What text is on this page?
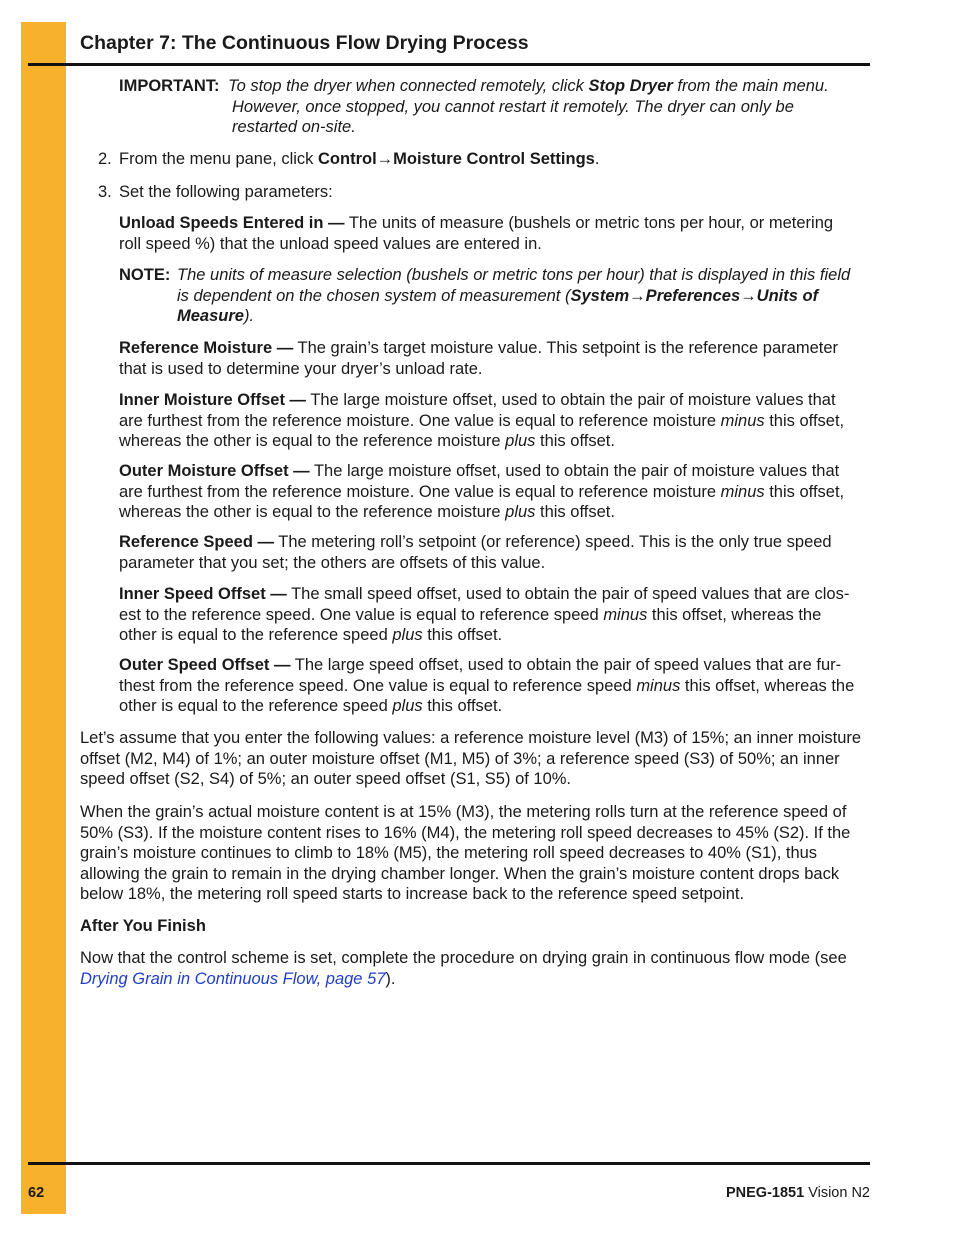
Chapter 7: The Continuous Flow Drying Process
IMPORTANT: To stop the dryer when connected remotely, click Stop Dryer from the main menu.
However, once stopped, you cannot restart it remotely. The dryer can only be
restarted on-site.
2. From the menu pane, click Control→Moisture Control Settings.
3. Set the following parameters:
Unload Speeds Entered in — The units of measure (bushels or metric tons per hour, or metering
roll speed %) that the unload speed values are entered in.
NOTE: The units of measure selection (bushels or metric tons per hour) that is displayed in this field
is dependent on the chosen system of measurement (System→Preferences→Units of
Measure).
Reference Moisture — The grain’s target moisture value. This setpoint is the reference parameter
that is used to determine your dryer’s unload rate.
Inner Moisture Offset — The large moisture offset, used to obtain the pair of moisture values that
are furthest from the reference moisture. One value is equal to reference moisture minus this offset,
whereas the other is equal to the reference moisture plus this offset.
Outer Moisture Offset — The large moisture offset, used to obtain the pair of moisture values that
are furthest from the reference moisture. One value is equal to reference moisture minus this offset,
whereas the other is equal to the reference moisture plus this offset.
Reference Speed — The metering roll’s setpoint (or reference) speed. This is the only true speed
parameter that you set; the others are offsets of this value.
Inner Speed Offset — The small speed offset, used to obtain the pair of speed values that are clos-
est to the reference speed. One value is equal to reference speed minus this offset, whereas the
other is equal to the reference speed plus this offset.
Outer Speed Offset — The large speed offset, used to obtain the pair of speed values that are fur-
thest from the reference speed. One value is equal to reference speed minus this offset, whereas the
other is equal to the reference speed plus this offset.
Let’s assume that you enter the following values: a reference moisture level (M3) of 15%; an inner moisture
offset (M2, M4) of 1%; an outer moisture offset (M1, M5) of 3%; a reference speed (S3) of 50%; an inner
speed offset (S2, S4) of 5%; an outer speed offset (S1, S5) of 10%.
When the grain’s actual moisture content is at 15% (M3), the metering rolls turn at the reference speed of
50% (S3). If the moisture content rises to 16% (M4), the metering roll speed decreases to 45% (S2). If the
grain’s moisture continues to climb to 18% (M5), the metering roll speed decreases to 40% (S1), thus
allowing the grain to remain in the drying chamber longer. When the grain’s moisture content drops back
below 18%, the metering roll speed starts to increase back to the reference speed setpoint.
After You Finish
Now that the control scheme is set, complete the procedure on drying grain in continuous flow mode (see
Drying Grain in Continuous Flow, page 57).
62	PNEG-1851 Vision N2
